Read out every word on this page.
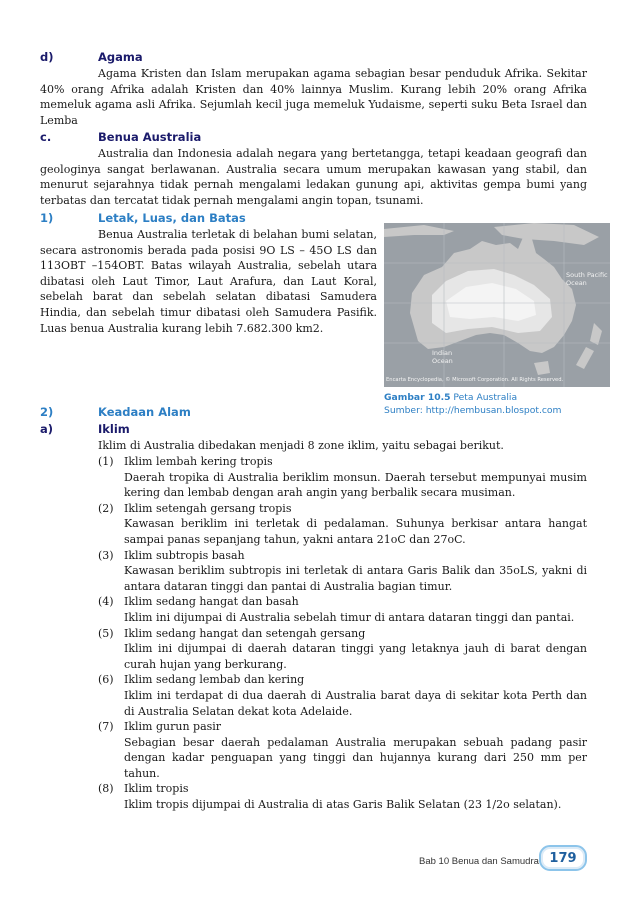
d)	Agama
Agama Kristen dan Islam merupakan agama sebagian besar penduduk Afrika. Sekitar 40% orang Afrika adalah Kristen dan 40% lainnya Muslim. Kurang lebih 20% orang Afrika memeluk agama asli Afrika. Sejumlah kecil juga memeluk Yudaisme, seperti suku Beta Israel dan Lemba
c.	Benua Australia
Australia dan Indonesia adalah negara yang bertetangga, tetapi keadaan geografi dan geologinya sangat berlawanan. Australia secara umum merupakan kawasan yang stabil, dan menurut sejarahnya tidak pernah mengalami ledakan gunung api, aktivitas gempa bumi yang terbatas dan tercatat tidak pernah mengalami angin topan, tsunami.
1)	Letak, Luas, dan Batas
Benua Australia terletak di belahan bumi selatan, secara astronomis berada pada posisi 9O LS – 45O LS dan 113OBT –154OBT. Batas wilayah Australia, sebelah utara dibatasi oleh Laut Timor, Laut Arafura, dan Laut Koral, sebelah barat dan sebelah selatan dibatasi Samudera Hindia, dan sebelah timur dibatasi oleh Samudera Pasifik. Luas benua Australia kurang lebih 7.682.300 km2.
South Pacific Ocean
Indian Ocean
Encarta Encyclopedia, © Microsoft Corporation. All Rights Reserved.
Gambar 10.5 Peta Australia
Sumber: http://hembusan.blospot.com
2)	Keadaan Alam
a)	Iklim
Iklim di Australia dibedakan menjadi 8 zone iklim, yaitu sebagai berikut.
(1) Iklim lembah kering tropis
Daerah tropika di Australia beriklim monsun. Daerah tersebut mempunyai musim kering dan lembab dengan arah angin yang berbalik secara musiman.
(2) Iklim setengah gersang tropis
Kawasan beriklim ini terletak di pedalaman. Suhunya berkisar antara hangat sampai panas sepanjang tahun, yakni antara 21oC dan 27oC.
(3) Iklim subtropis basah
Kawasan beriklim subtropis ini terletak di antara Garis Balik dan 35oLS, yakni di antara dataran tinggi dan pantai di Australia bagian timur.
(4) Iklim sedang hangat dan basah
Iklim ini dijumpai di Australia sebelah timur di antara dataran tinggi dan pantai.
(5) Iklim sedang hangat dan setengah gersang
Iklim ini dijumpai di daerah dataran tinggi yang letaknya jauh di barat dengan curah hujan yang berkurang.
(6) Iklim sedang lembab dan kering
Iklim ini terdapat di dua daerah di Australia barat daya di sekitar kota Perth dan di Australia Selatan dekat kota Adelaide.
(7) Iklim gurun pasir
Sebagian besar daerah pedalaman Australia merupakan sebuah padang pasir dengan kadar penguapan yang tinggi dan hujannya kurang dari 250 mm per tahun.
(8) Iklim tropis
Iklim tropis dijumpai di Australia di atas Garis Balik Selatan (23 1/2o selatan).
Bab 10 Benua dan Samudra 179
